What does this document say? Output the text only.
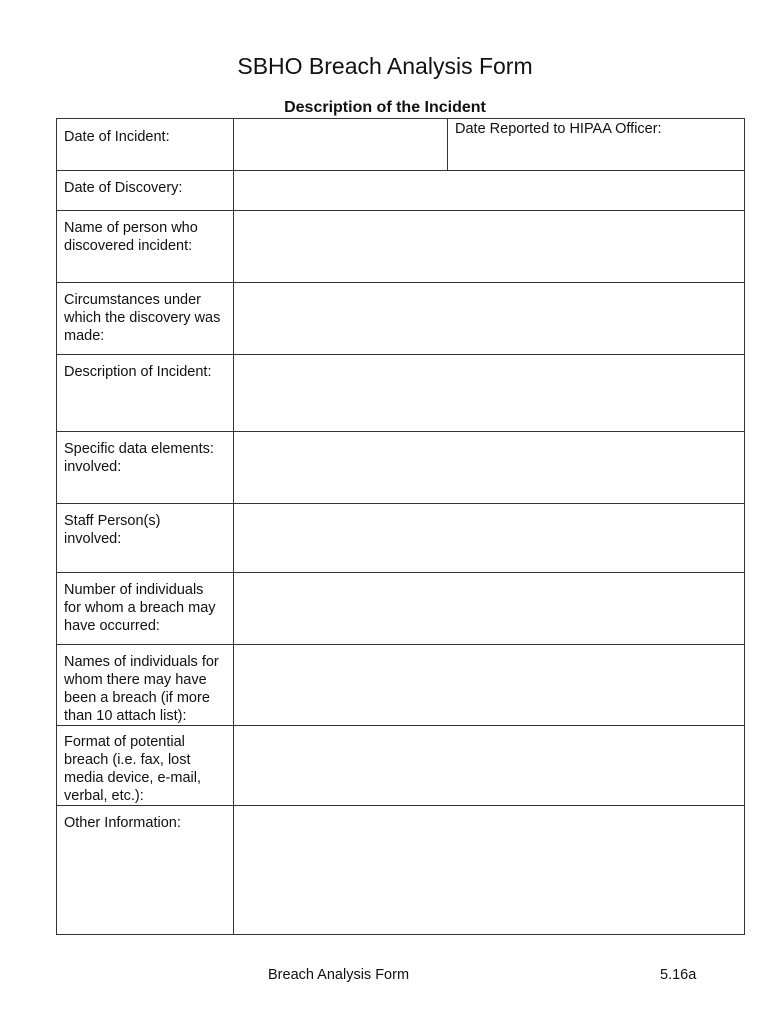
SBHO Breach Analysis Form
Description of the Incident
Date of Incident:		Date Reported to HIPAA Officer:

Date of Discovery:		

Name of person who
discovered incident:		

Circumstances under
which the discovery was
made:		

Description of Incident:		

Specific data elements:
involved:		

Staff Person(s)
involved:		

Number of individuals
for whom a breach may
have occurred:		

Names of individuals for
whom there may have
been a breach (if more
than 10 attach list):		

Format of potential
breach (i.e. fax, lost
media device, e-mail,
verbal, etc.):		

Other Information:		

Breach Analysis Form	5.16a
